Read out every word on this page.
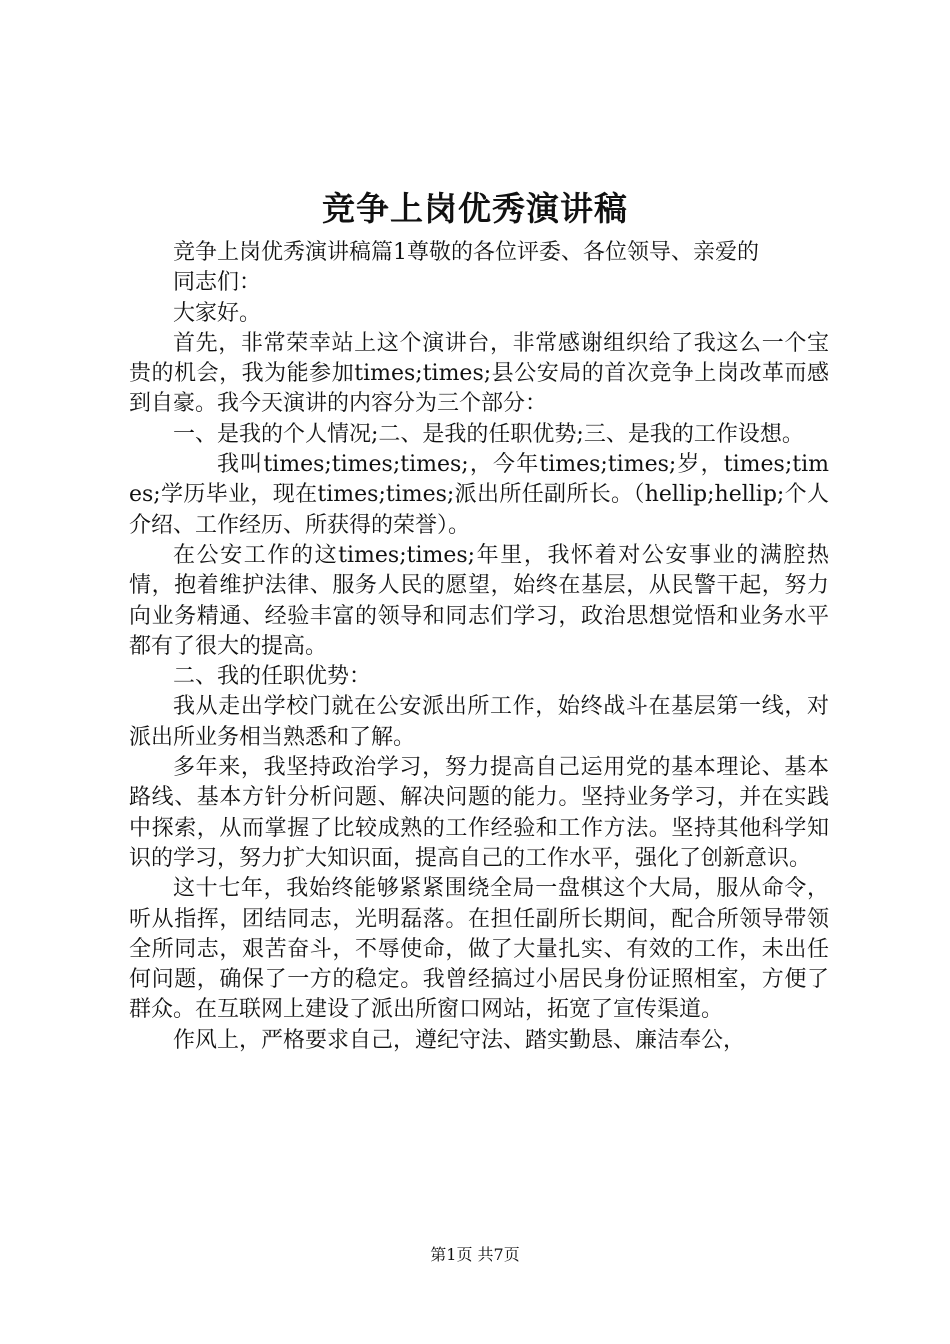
竞争上岗优秀演讲稿

竞争上岗优秀演讲稿篇1尊敬的各位评委、各位领导、亲爱的

同志们：

大家好。

首先，非常荣幸站上这个演讲台，非常感谢组织给了我这么一个宝贵的机会，我为能参加times;times;县公安局的首次竞争上岗改革而感到自豪。我今天演讲的内容分为三个部分：

一、是我的个人情况;二、是我的任职优势;三、是我的工作设想。

我叫times;times;times;，今年times;times;岁，times;times;学历毕业，现在times;times;派出所任副所长。（hellip;hellip;个人介绍、工作经历、所获得的荣誉）。

在公安工作的这times;times;年里，我怀着对公安事业的满腔热情，抱着维护法律、服务人民的愿望，始终在基层，从民警干起，努力向业务精通、经验丰富的领导和同志们学习，政治思想觉悟和业务水平都有了很大的提高。

二、我的任职优势：

我从走出学校门就在公安派出所工作，始终战斗在基层第一线，对派出所业务相当熟悉和了解。

多年来，我坚持政治学习，努力提高自己运用党的基本理论、基本路线、基本方针分析问题、解决问题的能力。坚持业务学习，并在实践中探索，从而掌握了比较成熟的工作经验和工作方法。坚持其他科学知识的学习，努力扩大知识面，提高自己的工作水平，强化了创新意识。

这十七年，我始终能够紧紧围绕全局一盘棋这个大局，服从命令，听从指挥，团结同志，光明磊落。在担任副所长期间，配合所领导带领全所同志，艰苦奋斗，不辱使命，做了大量扎实、有效的工作，未出任何问题，确保了一方的稳定。我曾经搞过小居民身份证照相室，方便了群众。在互联网上建设了派出所窗口网站，拓宽了宣传渠道。

作风上，严格要求自己，遵纪守法、踏实勤恳、廉洁奉公，

第1页 共7页
